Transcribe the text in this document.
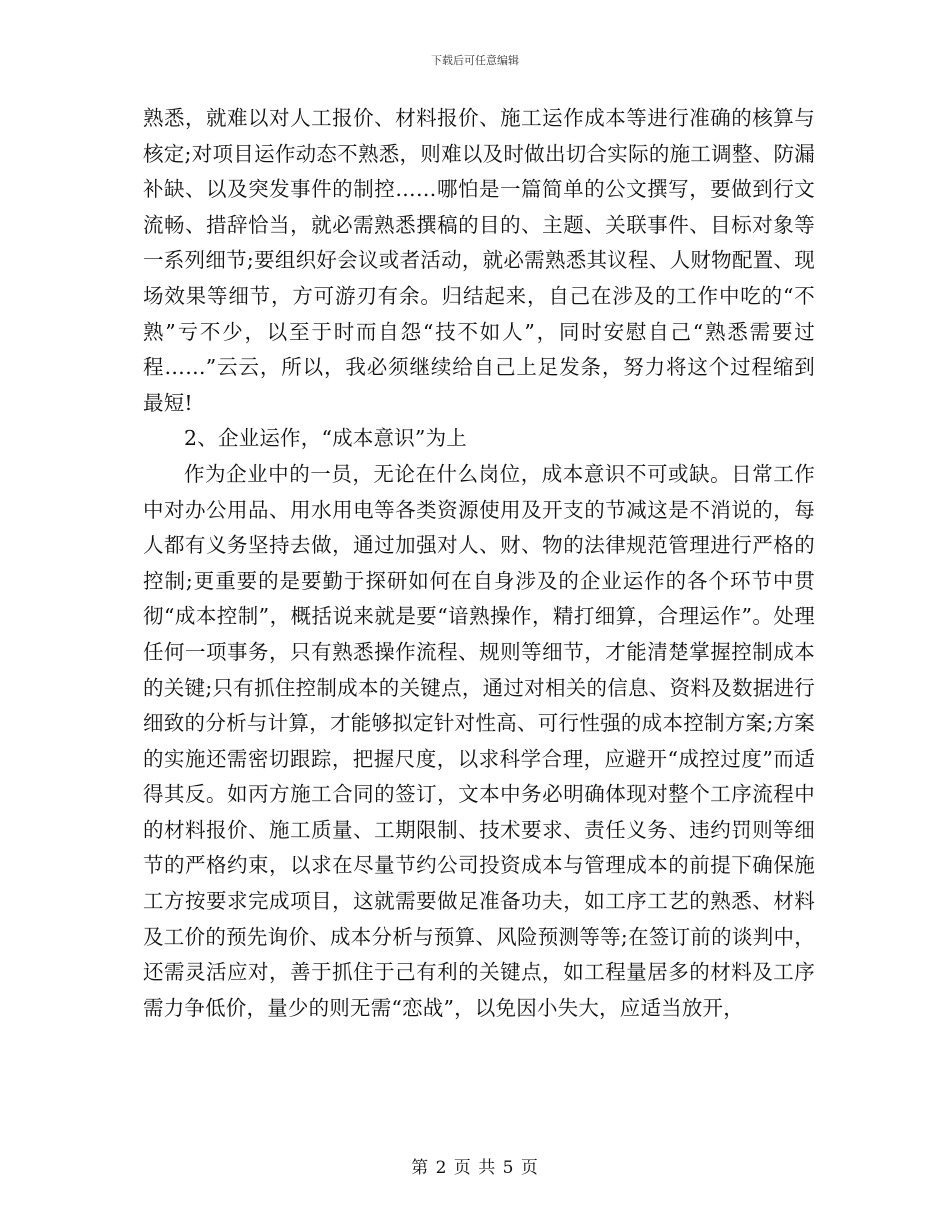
下载后可任意编辑

熟悉，就难以对人工报价、材料报价、施工运作成本等进行准确的核算与核定;对项目运作动态不熟悉，则难以及时做出切合实际的施工调整、防漏补缺、以及突发事件的制控……哪怕是一篇简单的公文撰写，要做到行文流畅、措辞恰当，就必需熟悉撰稿的目的、主题、关联事件、目标对象等一系列细节;要组织好会议或者活动，就必需熟悉其议程、人财物配置、现场效果等细节，方可游刃有余。归结起来，自己在涉及的工作中吃的“不熟”亏不少，以至于时而自怨“技不如人”，同时安慰自己“熟悉需要过程……”云云，所以，我必须继续给自己上足发条，努力将这个过程缩到最短!

2、企业运作，“成本意识”为上

作为企业中的一员，无论在什么岗位，成本意识不可或缺。日常工作中对办公用品、用水用电等各类资源使用及开支的节减这是不消说的，每人都有义务坚持去做，通过加强对人、财、物的法律规范管理进行严格的控制;更重要的是要勤于探研如何在自身涉及的企业运作的各个环节中贯彻“成本控制”，概括说来就是要“谙熟操作，精打细算，合理运作”。处理任何一项事务，只有熟悉操作流程、规则等细节，才能清楚掌握控制成本的关键;只有抓住控制成本的关键点，通过对相关的信息、资料及数据进行细致的分析与计算，才能够拟定针对性高、可行性强的成本控制方案;方案的实施还需密切跟踪，把握尺度，以求科学合理，应避开“成控过度”而适得其反。如丙方施工合同的签订，文本中务必明确体现对整个工序流程中的材料报价、施工质量、工期限制、技术要求、责任义务、违约罚则等细节的严格约束，以求在尽量节约公司投资成本与管理成本的前提下确保施工方按要求完成项目，这就需要做足准备功夫，如工序工艺的熟悉、材料及工价的预先询价、成本分析与预算、风险预测等等;在签订前的谈判中，还需灵活应对，善于抓住于己有利的关键点，如工程量居多的材料及工序需力争低价，量少的则无需“恋战”，以免因小失大，应适当放开，

第 2 页 共 5 页
